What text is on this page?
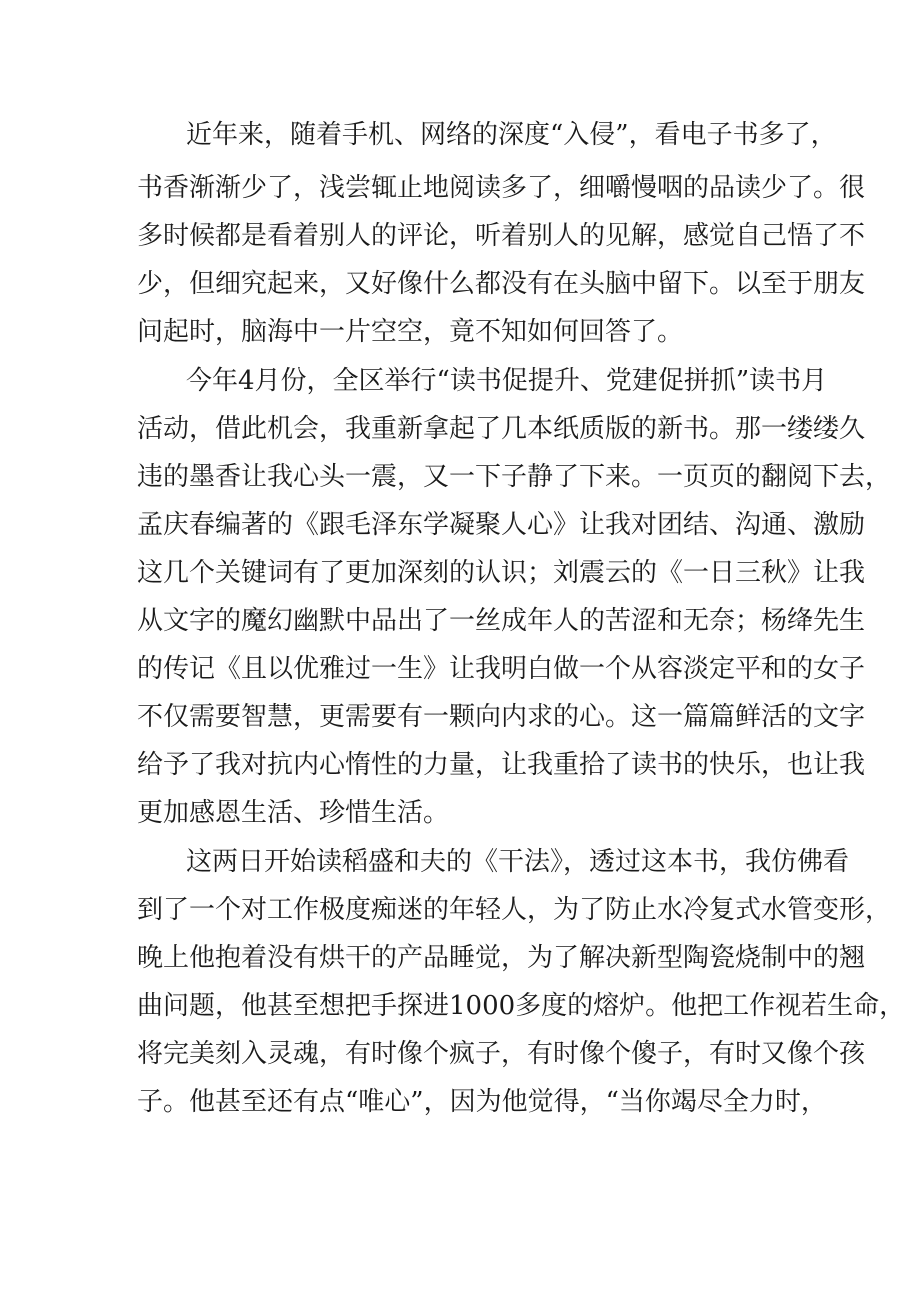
近年来，随着手机、网络的深度“入侵”，看电子书多了，

书香渐渐少了，浅尝辄止地阅读多了，细嚼慢咽的品读少了。很

多时候都是看着别人的评论，听着别人的见解，感觉自己悟了不

少，但细究起来，又好像什么都没有在头脑中留下。以至于朋友

问起时，脑海中一片空空，竟不知如何回答了。

今年4月份，全区举行“读书促提升、党建促拼抓”读书月

活动，借此机会，我重新拿起了几本纸质版的新书。那一缕缕久

违的墨香让我心头一震，又一下子静了下来。一页页的翻阅下去，

孟庆春编著的《跟毛泽东学凝聚人心》让我对团结、沟通、激励

这几个关键词有了更加深刻的认识；刘震云的《一日三秋》让我

从文字的魔幻幽默中品出了一丝成年人的苦涩和无奈；杨绛先生

的传记《且以优雅过一生》让我明白做一个从容淡定平和的女子

不仅需要智慧，更需要有一颗向内求的心。这一篇篇鲜活的文字

给予了我对抗内心惰性的力量，让我重拾了读书的快乐，也让我

更加感恩生活、珍惜生活。

这两日开始读稻盛和夫的《干法》，透过这本书，我仿佛看

到了一个对工作极度痴迷的年轻人，为了防止水冷复式水管变形，

晚上他抱着没有烘干的产品睡觉，为了解决新型陶瓷烧制中的翘

曲问题，他甚至想把手探进1000多度的熔炉。他把工作视若生命，

将完美刻入灵魂，有时像个疯子，有时像个傻子，有时又像个孩

子。他甚至还有点“唯心”，因为他觉得，“当你竭尽全力时，
